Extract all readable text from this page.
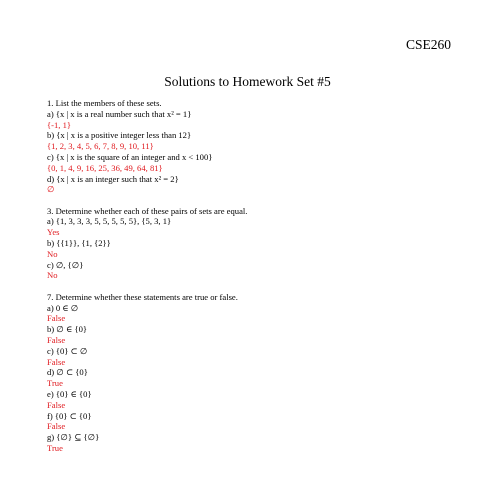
CSE260
Solutions to Homework Set #5
1. List the members of these sets.
a) {x | x is a real number such that x² = 1}
{-1, 1}
b) {x | x is a positive integer less than 12}
{1, 2, 3, 4, 5, 6, 7, 8, 9, 10, 11}
c) {x | x is the square of an integer and x < 100}
{0, 1, 4, 9, 16, 25, 36, 49, 64, 81}
d) {x | x is an integer such that x² = 2}
∅
3. Determine whether each of these pairs of sets are equal.
a) {1, 3, 3, 3, 5, 5, 5, 5, 5}, {5, 3, 1}
Yes
b) {{1}}, {1, {2}}
No
c) ∅, {∅}
No
7. Determine whether these statements are true or false.
a) 0 ∈ ∅
False
b) ∅ ∈ {0}
False
c) {0} ⊂ ∅
False
d) ∅ ⊂ {0}
True
e) {0} ∈ {0}
False
f) {0} ⊂ {0}
False
g) {∅} ⊆ {∅}
True
